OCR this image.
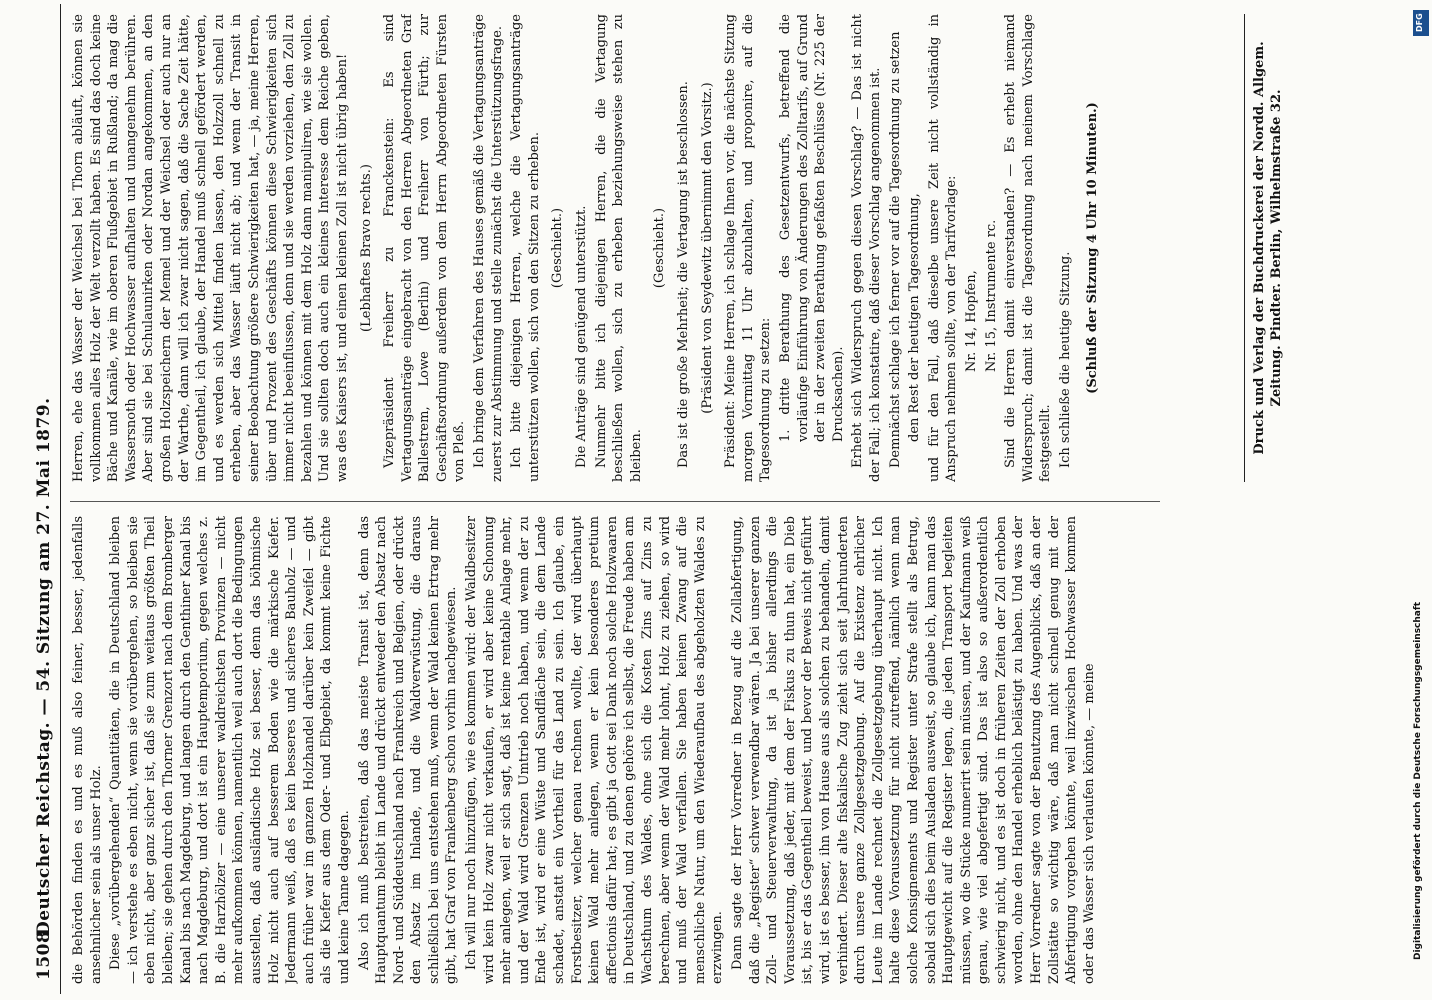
1508
Deutscher Reichstag. — 54. Sitzung am 27. Mai 1879. die Behörden finden es und es muß also feiner, besser, jedenfalls ansehnlicher sein als unser Holz. Diese „vorübergehenden“ Quantitäten, die in Deutschland bleiben — ich verstehe es eben nicht, wenn sie vorübergehen, so bleiben sie eben nicht, aber ganz sicher ist, daß sie zum weitaus größten Theil bleiben; sie gehen durch den Thorner Grenzort nach dem Bromberger Kanal bis nach Magdeburg, und langen durch den Genthiner Kanal bis nach Magdeburg, und dort ist ein Hauptemporium, gegen welches z. B. die Harzhölzer — eine unserer waldreichsten Provinzen — nicht mehr aufkommen können, namentlich weil auch dort die Bedingungen ausstellen, daß ausländische Holz sei besser, denn das böhmische Holz nicht auch auf besserem Boden wie die märkische Kiefer. Jedermann weiß, daß es kein besseres und sicheres Bauholz — und auch früher war im ganzen Holzhandel darüber kein Zweifel — gibt als die Kiefer aus dem Oder- und Elbgebiet, da kommt keine Fichte und keine Tanne dagegen. Also ich muß bestreiten, daß das meiste Transit ist, denn das Hauptquantum bleibt im Lande und drückt entweder den Absatz nach Nord- und Süddeutschland nach Frankreich und Belgien, oder drückt den Absatz im Inlande, und die Waldverwüstung, die daraus schließlich bei uns entstehen muß, wenn der Wald keinen Ertrag mehr gibt, hat Graf von Frankenberg schon vorhin nachgewiesen. Ich will nur noch hinzufügen, wie es kommen wird: der Waldbesitzer wird kein Holz zwar nicht verkaufen, er wird aber keine Schonung mehr anlegen, weil er sich sagt, daß ist keine rentable Anlage mehr, und der Wald wird Grenzen Umtrieb noch haben, und wenn der zu Ende ist, wird er eine Wüste und Sandfläche sein, die dem Lande schadet, anstatt ein Vortheil für das Land zu sein. Ich glaube, ein Forstbesitzer, welcher genau rechnen wollte, der wird überhaupt keinen Wald mehr anlegen, wenn er kein besonderes pretium affectionis dafür hat; es gibt ja Gott sei Dank noch solche Holzwaaren in Deutschland, und zu denen gehöre ich selbst, die Freude haben am Wachsthum des Waldes, ohne sich die Kosten Zins auf Zins zu berechnen, aber wenn der Wald mehr lohnt, Holz zu ziehen, so wird und muß der Wald verfallen. Sie haben keinen Zwang auf die menschliche Natur, um den Wiederaufbau des abgeholzten Waldes zu erzwingen. Dann sagte der Herr Vorredner in Bezug auf die Zollabfertigung, daß die „Register“ schwer verwendbar wären. Ja bei unserer ganzen Zoll- und Steuerverwaltung, da ist ja bisher allerdings die Voraussetzung, daß jeder, mit dem der Fiskus zu thun hat, ein Dieb ist, bis er das Gegentheil beweist, und bevor der Beweis nicht geführt wird, ist es besser, ihn von Hause aus als solchen zu behandeln, damit verhindert. Dieser alte fiskalische Zug zieht sich seit Jahrhunderten durch unsere ganze Zollgesetzgebung. Auf die Existenz ehrlicher Leute im Lande rechnet die Zollgesetzgebung überhaupt nicht. Ich halte diese Voraussetzung für nicht zutreffend, nämlich wenn man solche Konsignements und Register unter Strafe stellt als Betrug, sobald sich dies beim Ausladen ausweist, so glaube ich, kann man das Hauptgewicht auf die Register legen, die jeden Transport begleiten müssen, wo die Stücke numerirt sein müssen, und der Kaufmann weiß genau, wie viel abgefertigt sind. Das ist also so außerordentlich schwierig nicht, und es ist doch in früheren Zeiten der Zoll erhoben worden, ohne den Handel erheblich belästigt zu haben. Und was der Herr Vorredner sagte von der Benutzung des Augenblicks, daß an der Zollstätte so wichtig wäre, daß man nicht schnell genug mit der Abfertigung vorgehen könnte, weil inzwischen Hochwasser kommen oder das Wasser sich verlaufen könnte, — meine

Herren, ehe das Wasser der Weichsel bei Thorn abläuft, können sie vollkommen alles Holz der Welt verzollt haben. Es sind das doch keine Bäche und Kanäle, wie im oberen Flußgebiet in Rußland; da mag die Wassersnoth oder Hochwasser aufhalten und unangenehm berühren. Aber sind sie bei Schulaunirken oder Nordan angekommen, an den großen Holzspeichern der Memel und der Weichsel oder auch nur an der Warthe, dann will ich zwar nicht sagen, daß die Sache Zeit hätte, im Gegentheil, ich glaube, der Handel muß schnell gefördert werden, und es werden sich Mittel finden lassen, den Holzzoll schnell zu erheben, aber das Wasser läuft nicht ab; und wenn der Transit in seiner Beobachtung größere Schwierigkeiten hat, — ja, meine Herren, über und Prozent des Geschäfts können diese Schwierigkeiten sich immer nicht beeinflussen, denn und sie werden vorziehen, den Zoll zu bezahlen und können mit dem Holz dann manipuliren, wie sie wollen. Und sie sollten doch auch ein kleines Interesse dem Reiche geben, was des Kaisers ist, und einen kleinen Zoll ist nicht übrig haben! (Lebhaftes Bravo rechts.) Vizepräsident Freiherr zu Franckenstein: Es sind Vertagungsanträge eingebracht von den Herren Abgeordneten Graf Ballestrem, Lowe (Berlin) und Freiherr von Fürth; zur Geschäftsordnung außerdem von dem Herrn Abgeordneten Fürsten von Pleß. Ich bringe dem Verfahren des Hauses gemäß die Vertagungsanträge zuerst zur Abstimmung und stelle zunächst die Unterstützungsfrage. Ich bitte diejenigen Herren, welche die Vertagungsanträge unterstützen wollen, sich von den Sitzen zu erheben. (Geschieht.) Die Anträge sind genügend unterstützt. Nunmehr bitte ich diejenigen Herren, die die Vertagung beschließen wollen, sich zu erheben beziehungsweise stehen zu bleiben.

(Geschieht.) Das ist die große Mehrheit; die Vertagung ist beschlossen. (Präsident von Seydewitz übernimmt den Vorsitz.) Präsident: Meine Herren, ich schlage Ihnen vor, die nächste Sitzung morgen Vormittag 11 Uhr abzuhalten, und proponire, auf die Tagesordnung zu setzen: 1. dritte Berathung des Gesetzentwurfs, betreffend die vorläufige Einführung von Änderungen des Zolltarifs, auf Grund der in der zweiten Berathung gefaßten Beschlüsse (Nr. 225 der Drucksachen). Erhebt sich Widerspruch gegen diesen Vorschlag? — Das ist nicht der Fall; ich konstatire, daß dieser Vorschlag angenommen ist. Demnächst schlage ich ferner vor auf die Tagesordnung zu setzen den Rest der heutigen Tagesordnung, und für den Fall, daß dieselbe unsere Zeit nicht vollständig in Anspruch nehmen sollte, von der Tarifvorlage: Nr. 14, Hopfen, Nr. 15, Instrumente rc. Sind die Herren damit einverstanden? — Es erhebt niemand Widerspruch; damit ist die Tagesordnung nach meinem Vorschlage festgestellt. Ich schließe die heutige Sitzung. (Schluß der Sitzung 4 Uhr 10 Minuten.)	Druck und Verlag der Buchdruckerei der Nordd. Allgem. Zeitung. Pindter. Berlin, Wilhelmstraße 32.
Digitalisierung gefördert durch die Deutsche Forschungsgemeinschaft
DFG
